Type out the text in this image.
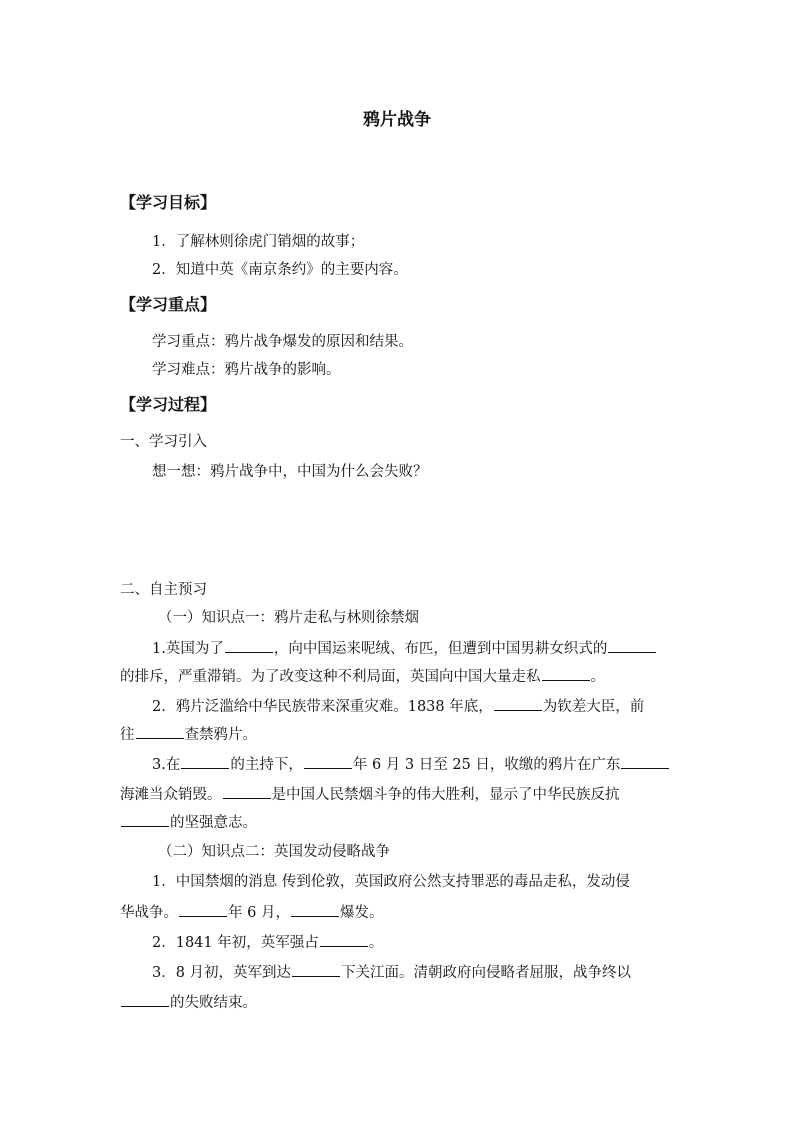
鸦片战争
【学习目标】
1．了解林则徐虎门销烟的故事；
2．知道中英《南京条约》的主要内容。
【学习重点】
学习重点：鸦片战争爆发的原因和结果。
学习难点：鸦片战争的影响。
【学习过程】
一、学习引入
想一想：鸦片战争中，中国为什么会失败？
二、自主预习
（一）知识点一：鸦片走私与林则徐禁烟
1.英国为了	，向中国运来呢绒、布匹，但遭到中国男耕女织式的
的排斥，严重滞销。为了改变这种不利局面，英国向中国大量走私	。
2．鸦片泛滥给中华民族带来深重灾难。1838 年底，	为钦差大臣，前
往	查禁鸦片。
3.在	的主持下，	年 6 月 3 日至 25 日，收缴的鸦片在广东
海滩当众销毁。	是中国人民禁烟斗争的伟大胜利，显示了中华民族反抗
的坚强意志。
（二）知识点二：英国发动侵略战争
1．中国禁烟的消息 传到伦敦，英国政府公然支持罪恶的毒品走私，发动侵
华战争。	年 6 月，	爆发。
2．1841 年初，英军强占	。
3．8 月初，英军到达	下关江面。清朝政府向侵略者屈服，战争终以
的失败结束。
